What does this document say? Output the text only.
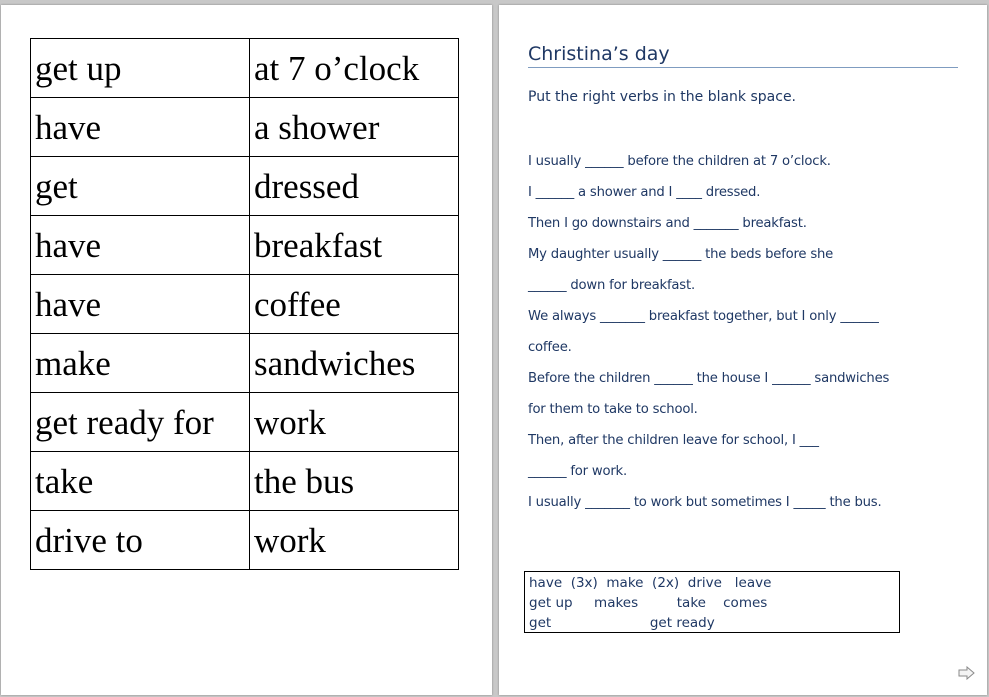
get up	at 7 o’clock
have	a shower
get	dressed
have	breakfast
have	coffee
make	sandwiches
get ready for	work
take	the bus
drive to	work
Christina’s day
Put the right verbs in the blank space.
I usually ______ before the children at 7 o’clock.
I ______ a shower and I ____ dressed.
Then I go downstairs and _______ breakfast.
My daughter usually ______ the beds before she
______ down for breakfast.
We always _______ breakfast together, but I only ______
coffee.
Before the children ______ the house I ______ sandwiches
for them to take to school.
Then, after the children leave for school, I ___
______ for work.
I usually _______ to work but sometimes I _____ the bus.
have  (3x)  make  (2x)  drive   leave
get up     makes         take    comes
get                       get ready
